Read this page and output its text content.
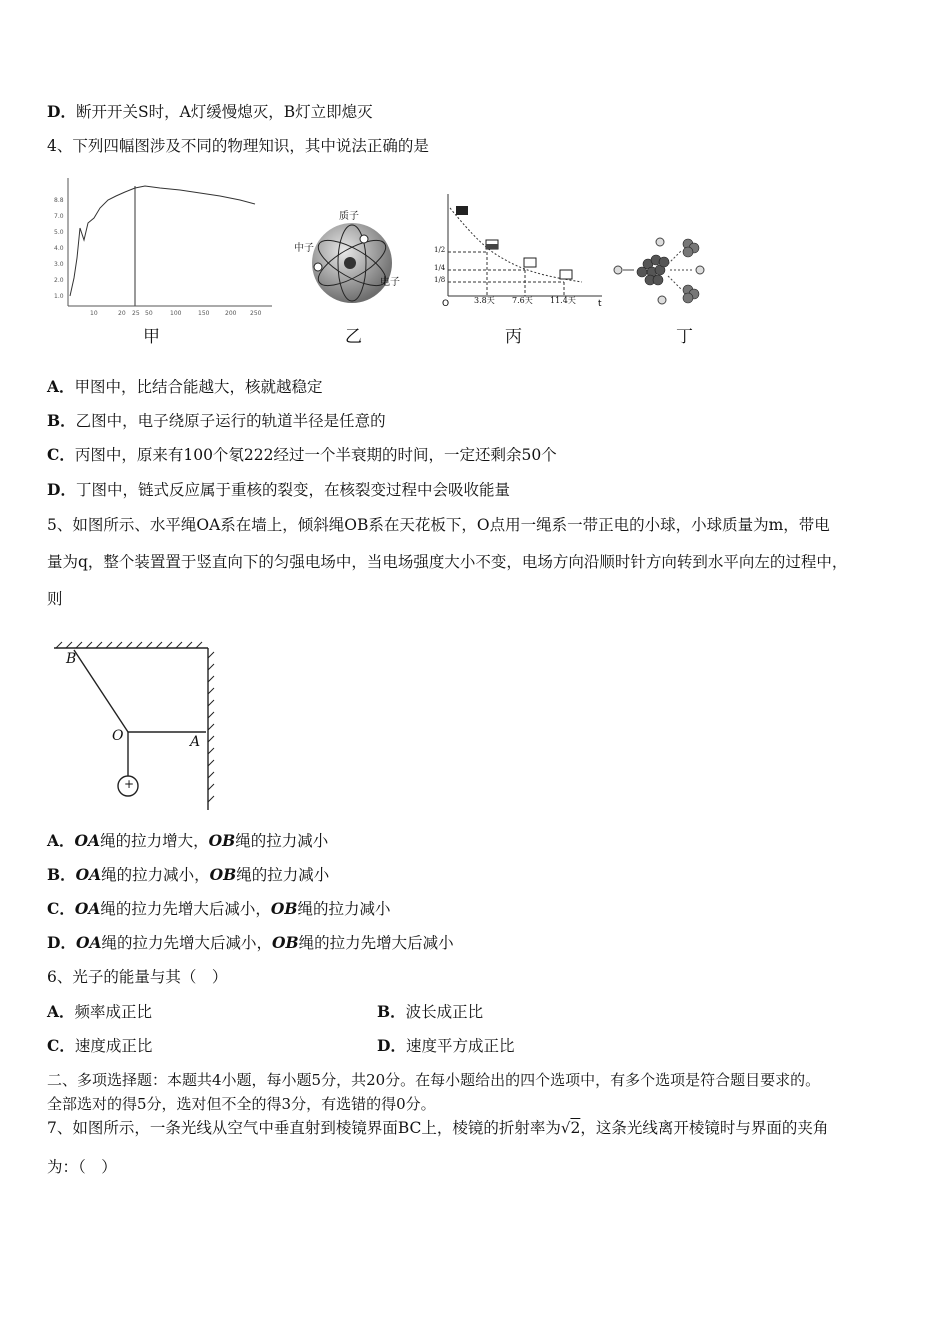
D．断开开关S时，A灯缓慢熄灭，B灯立即熄灭
4、下列四幅图涉及不同的物理知识，其中说法正确的是
8.8
7.0
5.0
4.0
3.0
2.0
1.0
10	20 25 50	100	150	200 250
甲
质子
中子
电子
乙
O	t
3.8天 7.6天 11.4天
1/2
1/4
1/8
丙	丁
A．甲图中，比结合能越大，核就越稳定
B．乙图中，电子绕原子运行的轨道半径是任意的
C．丙图中，原来有100个氡222经过一个半衰期的时间，一定还剩余50个
D．丁图中，链式反应属于重核的裂变，在核裂变过程中会吸收能量
5、如图所示、水平绳OA系在墙上，倾斜绳OB系在天花板下，O点用一绳系一带正电的小球，小球质量为m，带电
量为q，整个装置置于竖直向下的匀强电场中，当电场强度大小不变，电场方向沿顺时针方向转到水平向左的过程中，
则
B
O	A
+
A．OA绳的拉力增大，OB绳的拉力减小
B．OA绳的拉力减小，OB绳的拉力减小
C．OA绳的拉力先增大后减小，OB绳的拉力减小
D．OA绳的拉力先增大后减小，OB绳的拉力先增大后减小
6、光子的能量与其（　）
A．频率成正比	B．波长成正比
C．速度成正比	D．速度平方成正比
二、多项选择题：本题共4小题，每小题5分，共20分。在每小题给出的四个选项中，有多个选项是符合题目要求的。
全部选对的得5分，选对但不全的得3分，有选错的得0分。
7、如图所示，一条光线从空气中垂直射到棱镜界面BC上，棱镜的折射率为√2，这条光线离开棱镜时与界面的夹角
为：（　）
